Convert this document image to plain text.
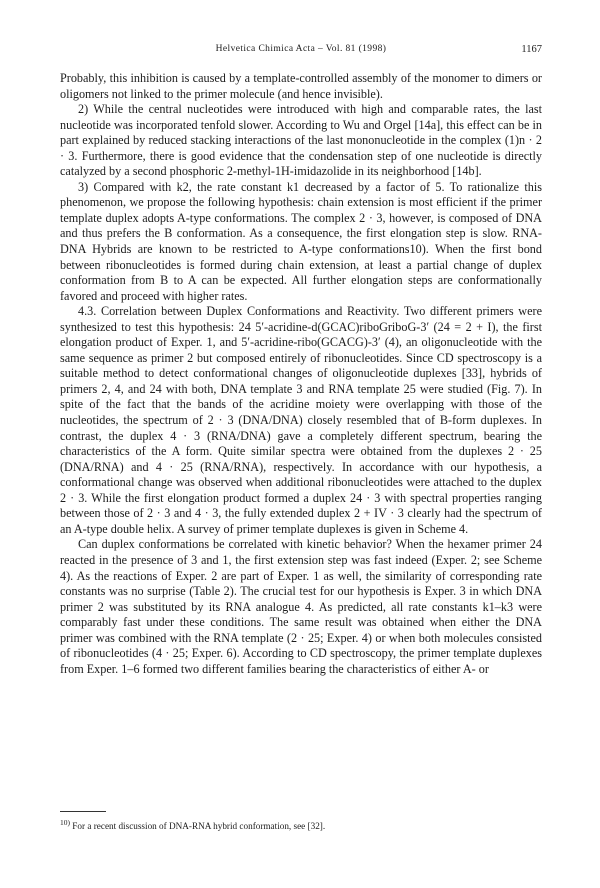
Helvetica Chimica Acta – Vol. 81 (1998)	1167

Probably, this inhibition is caused by a template-controlled assembly of the monomer to dimers or oligomers not linked to the primer molecule (and hence invisible).

2) While the central nucleotides were introduced with high and comparable rates, the last nucleotide was incorporated tenfold slower. According to Wu and Orgel [14a], this effect can be in part explained by reduced stacking interactions of the last mononucleotide in the complex (1)n · 2 · 3. Furthermore, there is good evidence that the condensation step of one nucleotide is directly catalyzed by a second phosphoric 2-methyl-1H-imidazolide in its neighborhood [14b].

3) Compared with k2, the rate constant k1 decreased by a factor of 5. To rationalize this phenomenon, we propose the following hypothesis: chain extension is most efficient if the primer template duplex adopts A-type conformations. The complex 2 · 3, however, is composed of DNA and thus prefers the B conformation. As a consequence, the first elongation step is slow. RNA-DNA Hybrids are known to be restricted to A-type conformations10). When the first bond between ribonucleotides is formed during chain extension, at least a partial change of duplex conformation from B to A can be expected. All further elongation steps are conformationally favored and proceed with higher rates.

4.3. Correlation between Duplex Conformations and Reactivity. Two different primers were synthesized to test this hypothesis: 24 5′-acridine-d(GCAC)riboGriboG-3′ (24 = 2 + I), the first elongation product of Exper. 1, and 5′-acridine-ribo(GCACG)-3′ (4), an oligonucleotide with the same sequence as primer 2 but composed entirely of ribonucleotides. Since CD spectroscopy is a suitable method to detect conformational changes of oligonucleotide duplexes [33], hybrids of primers 2, 4, and 24 with both, DNA template 3 and RNA template 25 were studied (Fig. 7). In spite of the fact that the bands of the acridine moiety were overlapping with those of the nucleotides, the spectrum of 2 · 3 (DNA/DNA) closely resembled that of B-form duplexes. In contrast, the duplex 4 · 3 (RNA/DNA) gave a completely different spectrum, bearing the characteristics of the A form. Quite similar spectra were obtained from the duplexes 2 · 25 (DNA/RNA) and 4 · 25 (RNA/RNA), respectively. In accordance with our hypothesis, a conformational change was observed when additional ribonucleotides were attached to the duplex 2 · 3. While the first elongation product formed a duplex 24 · 3 with spectral properties ranging between those of 2 · 3 and 4 · 3, the fully extended duplex 2 + IV · 3 clearly had the spectrum of an A-type double helix. A survey of primer template duplexes is given in Scheme 4.

Can duplex conformations be correlated with kinetic behavior? When the hexamer primer 24 reacted in the presence of 3 and 1, the first extension step was fast indeed (Exper. 2; see Scheme 4). As the reactions of Exper. 2 are part of Exper. 1 as well, the similarity of corresponding rate constants was no surprise (Table 2). The crucial test for our hypothesis is Exper. 3 in which DNA primer 2 was substituted by its RNA analogue 4. As predicted, all rate constants k1–k3 were comparably fast under these conditions. The same result was obtained when either the DNA primer was combined with the RNA template (2 · 25; Exper. 4) or when both molecules consisted of ribonucleotides (4 · 25; Exper. 6). According to CD spectroscopy, the primer template duplexes from Exper. 1–6 formed two different families bearing the characteristics of either A- or

$^{10)}$ For a recent discussion of DNA-RNA hybrid conformation, see [32].
